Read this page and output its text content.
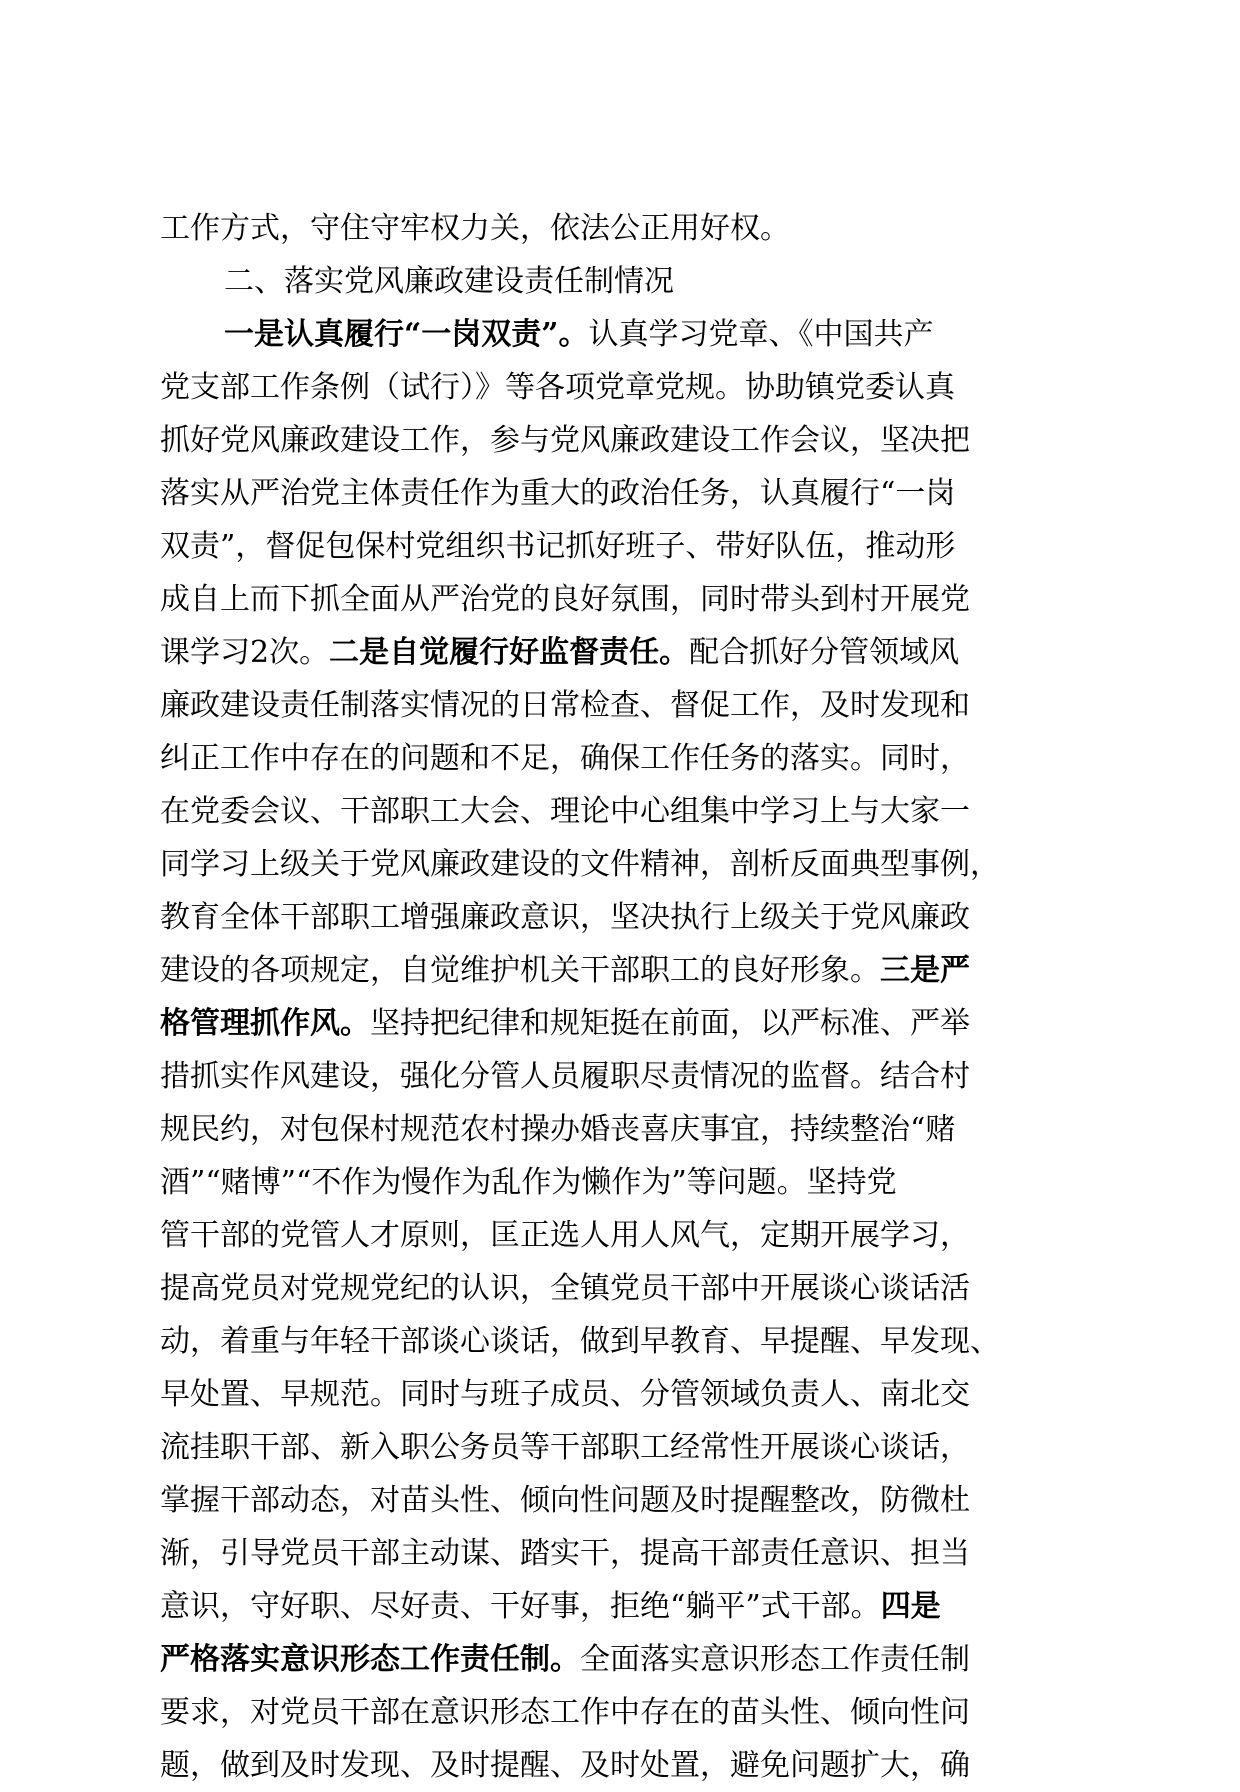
工作方式，守住守牢权力关，依法公正用好权。
二、落实党风廉政建设责任制情况
一是认真履行“一岗双责”。认真学习党章、《中国共产
党支部工作条例（试行）》等各项党章党规。协助镇党委认真
抓好党风廉政建设工作，参与党风廉政建设工作会议，坚决把
落实从严治党主体责任作为重大的政治任务，认真履行“一岗
双责”，督促包保村党组织书记抓好班子、带好队伍，推动形
成自上而下抓全面从严治党的良好氛围，同时带头到村开展党
课学习2次。二是自觉履行好监督责任。配合抓好分管领域风
廉政建设责任制落实情况的日常检查、督促工作，及时发现和
纠正工作中存在的问题和不足，确保工作任务的落实。同时，
在党委会议、干部职工大会、理论中心组集中学习上与大家一
同学习上级关于党风廉政建设的文件精神，剖析反面典型事例，
教育全体干部职工增强廉政意识，坚决执行上级关于党风廉政
建设的各项规定，自觉维护机关干部职工的良好形象。三是严
格管理抓作风。坚持把纪律和规矩挺在前面，以严标准、严举
措抓实作风建设，强化分管人员履职尽责情况的监督。结合村
规民约，对包保村规范农村操办婚丧喜庆事宜，持续整治“赌
酒”“赌博”“不作为慢作为乱作为懒作为”等问题。坚持党
管干部的党管人才原则，匡正选人用人风气，定期开展学习，
提高党员对党规党纪的认识，全镇党员干部中开展谈心谈话活
动，着重与年轻干部谈心谈话，做到早教育、早提醒、早发现、
早处置、早规范。同时与班子成员、分管领域负责人、南北交
流挂职干部、新入职公务员等干部职工经常性开展谈心谈话，
掌握干部动态，对苗头性、倾向性问题及时提醒整改，防微杜
渐，引导党员干部主动谋、踏实干，提高干部责任意识、担当
意识，守好职、尽好责、干好事，拒绝“躺平”式干部。四是
严格落实意识形态工作责任制。全面落实意识形态工作责任制
要求，对党员干部在意识形态工作中存在的苗头性、倾向性问
题，做到及时发现、及时提醒、及时处置，避免问题扩大，确
